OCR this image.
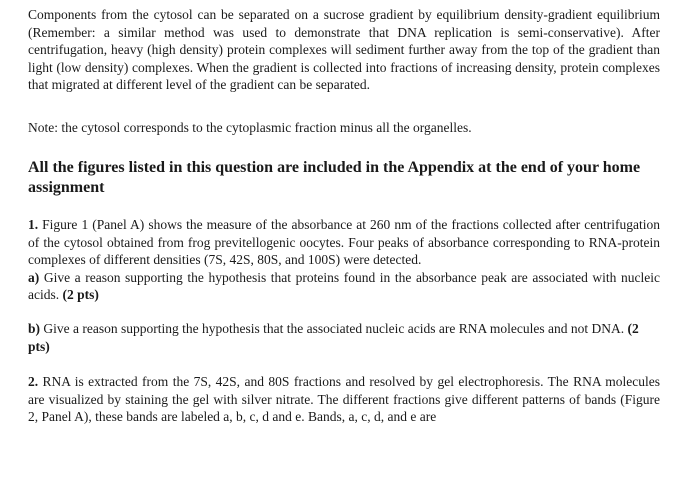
Components from the cytosol can be separated on a sucrose gradient by equilibrium density-gradient equilibrium (Remember: a similar method was used to demonstrate that DNA replication is semi-conservative). After centrifugation, heavy (high density) protein complexes will sediment further away from the top of the gradient than light (low density) complexes. When the gradient is collected into fractions of increasing density, protein complexes that migrated at different level of the gradient can be separated.

Note: the cytosol corresponds to the cytoplasmic fraction minus all the organelles.

All the figures listed in this question are included in the Appendix at the end of your home assignment

1. Figure 1 (Panel A) shows the measure of the absorbance at 260 nm of the fractions collected after centrifugation of the cytosol obtained from frog previtellogenic oocytes. Four peaks of absorbance corresponding to RNA-protein complexes of different densities (7S, 42S, 80S, and 100S) were detected.
a) Give a reason supporting the hypothesis that proteins found in the absorbance peak are associated with nucleic acids. (2 pts)

b) Give a reason supporting the hypothesis that the associated nucleic acids are RNA molecules and not DNA. (2 pts)

2. RNA is extracted from the 7S, 42S, and 80S fractions and resolved by gel electrophoresis. The RNA molecules are visualized by staining the gel with silver nitrate. The different fractions give different patterns of bands (Figure 2, Panel A), these bands are labeled a, b, c, d and e. Bands, a, c, d, and e are
